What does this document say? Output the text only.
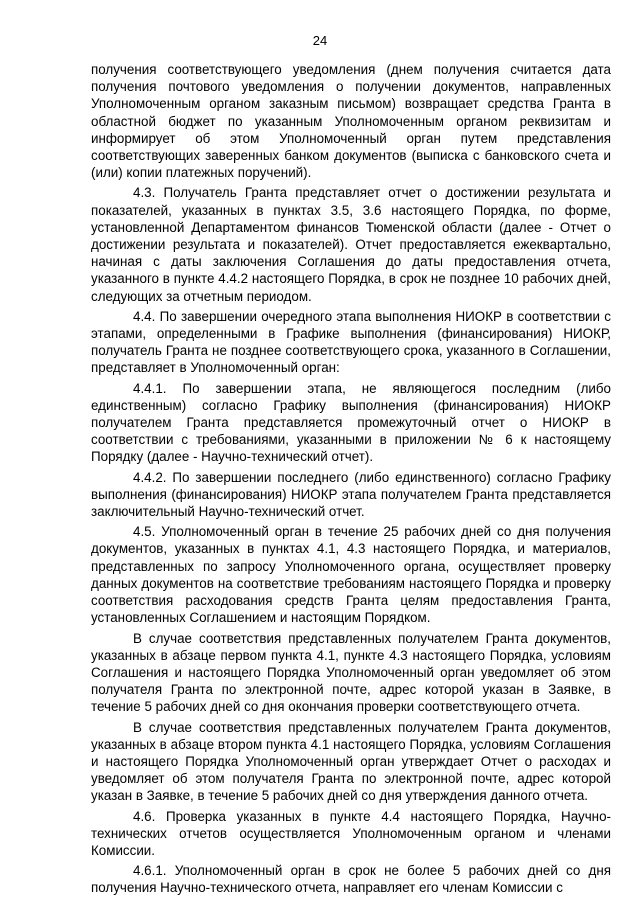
24

получения соответствующего уведомления (днем получения считается дата получения почтового уведомления о получении документов, направленных Уполномоченным органом заказным письмом) возвращает средства Гранта в областной бюджет по указанным Уполномоченным органом реквизитам и информирует об этом Уполномоченный орган путем представления соответствующих заверенных банком документов (выписка с банковского счета и (или) копии платежных поручений).

4.3. Получатель Гранта представляет отчет о достижении результата и показателей, указанных в пунктах 3.5, 3.6 настоящего Порядка, по форме, установленной Департаментом финансов Тюменской области (далее - Отчет о достижении результата и показателей). Отчет предоставляется ежеквартально, начиная с даты заключения Соглашения до даты предоставления отчета, указанного в пункте 4.4.2 настоящего Порядка, в срок не позднее 10 рабочих дней, следующих за отчетным периодом.

4.4. По завершении очередного этапа выполнения НИОКР в соответствии с этапами, определенными в Графике выполнения (финансирования) НИОКР, получатель Гранта не позднее соответствующего срока, указанного в Соглашении, представляет в Уполномоченный орган:

4.4.1. По завершении этапа, не являющегося последним (либо единственным) согласно Графику выполнения (финансирования) НИОКР получателем Гранта представляется промежуточный отчет о НИОКР в соответствии с требованиями, указанными в приложении № 6 к настоящему Порядку (далее - Научно-технический отчет).

4.4.2. По завершении последнего (либо единственного) согласно Графику выполнения (финансирования) НИОКР этапа получателем Гранта представляется заключительный Научно-технический отчет.

4.5. Уполномоченный орган в течение 25 рабочих дней со дня получения документов, указанных в пунктах 4.1, 4.3 настоящего Порядка, и материалов, представленных по запросу Уполномоченного органа, осуществляет проверку данных документов на соответствие требованиям настоящего Порядка и проверку соответствия расходования средств Гранта целям предоставления Гранта, установленных Соглашением и настоящим Порядком.

В случае соответствия представленных получателем Гранта документов, указанных в абзаце первом пункта 4.1, пункте 4.3 настоящего Порядка, условиям Соглашения и настоящего Порядка Уполномоченный орган уведомляет об этом получателя Гранта по электронной почте, адрес которой указан в Заявке, в течение 5 рабочих дней со дня окончания проверки соответствующего отчета.

В случае соответствия представленных получателем Гранта документов, указанных в абзаце втором пункта 4.1 настоящего Порядка, условиям Соглашения и настоящего Порядка Уполномоченный орган утверждает Отчет о расходах и уведомляет об этом получателя Гранта по электронной почте, адрес которой указан в Заявке, в течение 5 рабочих дней со дня утверждения данного отчета.

4.6. Проверка указанных в пункте 4.4 настоящего Порядка, Научно-технических отчетов осуществляется Уполномоченным органом и членами Комиссии.

4.6.1. Уполномоченный орган в срок не более 5 рабочих дней со дня получения Научно-технического отчета, направляет его членам Комиссии с
